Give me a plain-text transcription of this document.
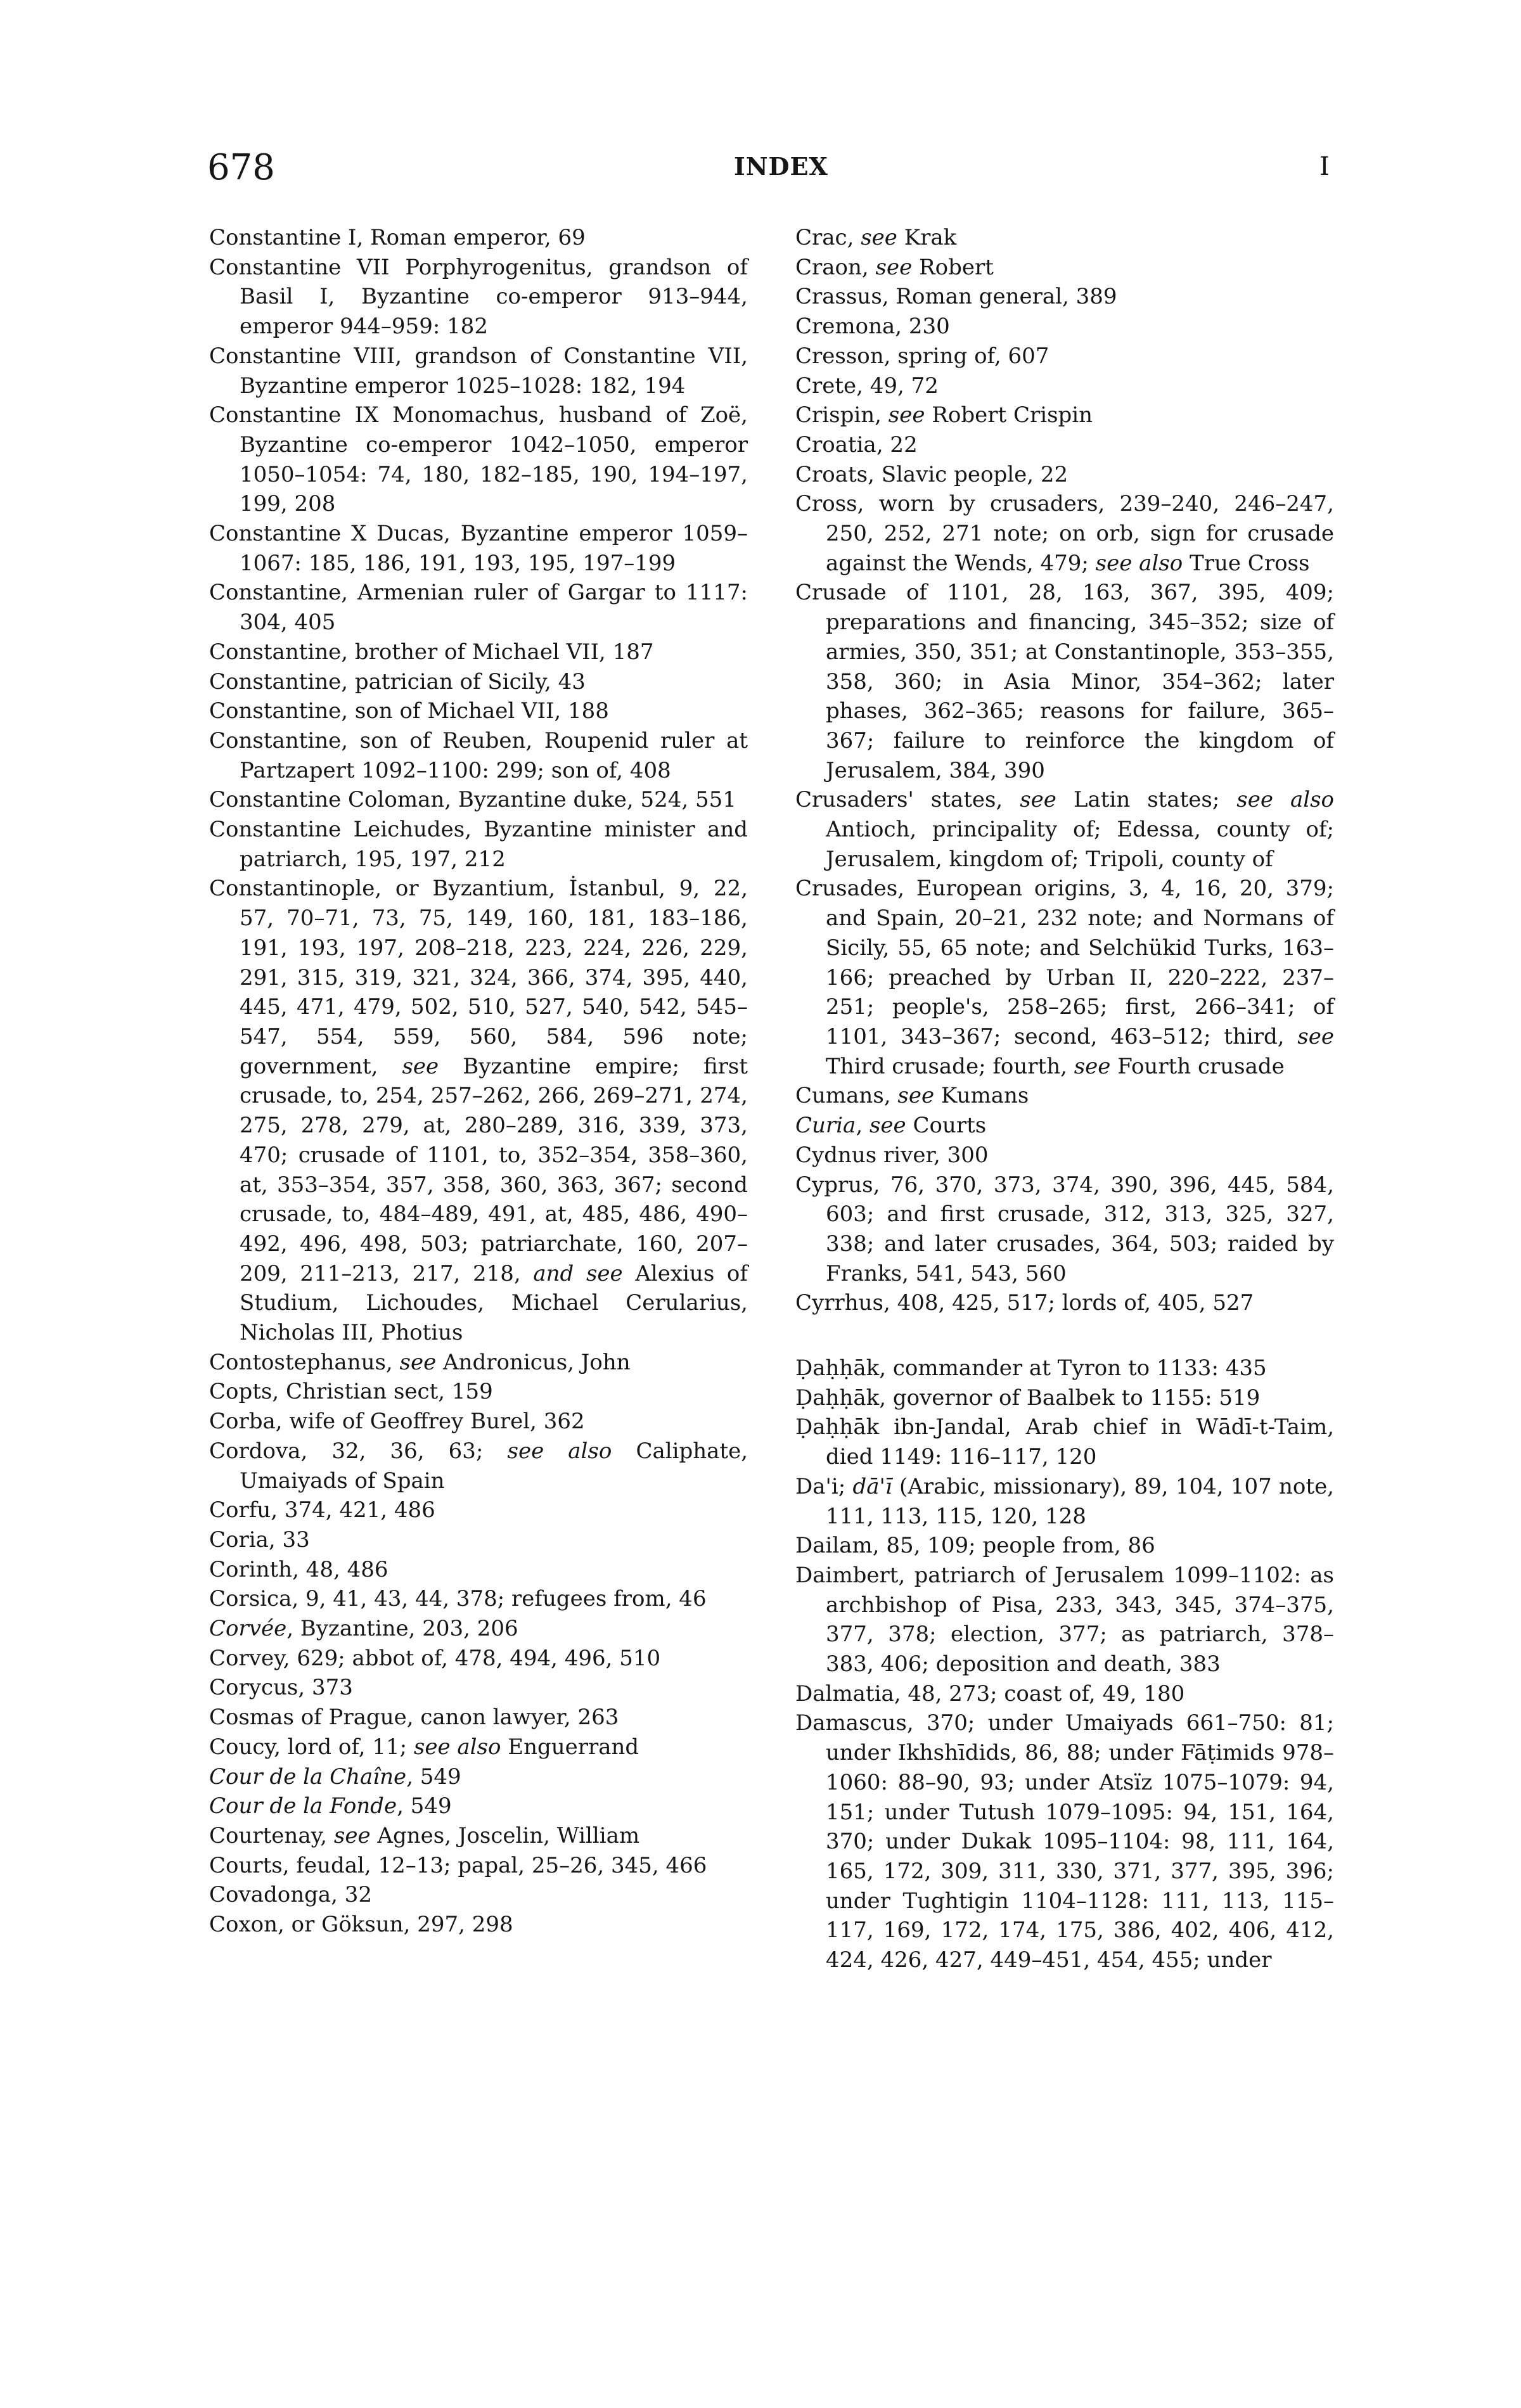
678	INDEX	I

Constantine I, Roman emperor, 69

Constantine VII Porphyrogenitus, grandson of Basil I, Byzantine co-emperor 913–944, emperor 944–959: 182

Constantine VIII, grandson of Constantine VII, Byzantine emperor 1025–1028: 182, 194

Constantine IX Monomachus, husband of Zoë, Byzantine co-emperor 1042–1050, emperor 1050–1054: 74, 180, 182–185, 190, 194–197, 199, 208

Constantine X Ducas, Byzantine emperor 1059–1067: 185, 186, 191, 193, 195, 197–199

Constantine, Armenian ruler of Gargar to 1117: 304, 405

Constantine, brother of Michael VII, 187

Constantine, patrician of Sicily, 43

Constantine, son of Michael VII, 188

Constantine, son of Reuben, Roupenid ruler at Partzapert 1092–1100: 299; son of, 408

Constantine Coloman, Byzantine duke, 524, 551

Constantine Leichudes, Byzantine minister and patriarch, 195, 197, 212

Constantinople, or Byzantium, İstanbul, 9, 22, 57, 70–71, 73, 75, 149, 160, 181, 183–186, 191, 193, 197, 208–218, 223, 224, 226, 229, 291, 315, 319, 321, 324, 366, 374, 395, 440, 445, 471, 479, 502, 510, 527, 540, 542, 545–547, 554, 559, 560, 584, 596 note; government, see Byzantine empire; first crusade, to, 254, 257–262, 266, 269–271, 274, 275, 278, 279, at, 280–289, 316, 339, 373, 470; crusade of 1101, to, 352–354, 358–360, at, 353–354, 357, 358, 360, 363, 367; second crusade, to, 484–489, 491, at, 485, 486, 490–492, 496, 498, 503; patriarchate, 160, 207–209, 211–213, 217, 218, and see Alexius of Studium, Lichoudes, Michael Cerularius, Nicholas III, Photius

Contostephanus, see Andronicus, John

Copts, Christian sect, 159

Corba, wife of Geoffrey Burel, 362

Cordova, 32, 36, 63; see also Caliphate, Umaiyads of Spain

Corfu, 374, 421, 486

Coria, 33

Corinth, 48, 486

Corsica, 9, 41, 43, 44, 378; refugees from, 46

Corvée, Byzantine, 203, 206

Corvey, 629; abbot of, 478, 494, 496, 510

Corycus, 373

Cosmas of Prague, canon lawyer, 263

Coucy, lord of, 11; see also Enguerrand

Cour de la Chaîne, 549

Cour de la Fonde, 549

Courtenay, see Agnes, Joscelin, William

Courts, feudal, 12–13; papal, 25–26, 345, 466

Covadonga, 32

Coxon, or Göksun, 297, 298

Crac, see Krak

Craon, see Robert

Crassus, Roman general, 389

Cremona, 230

Cresson, spring of, 607

Crete, 49, 72

Crispin, see Robert Crispin

Croatia, 22

Croats, Slavic people, 22

Cross, worn by crusaders, 239–240, 246–247, 250, 252, 271 note; on orb, sign for crusade against the Wends, 479; see also True Cross

Crusade of 1101, 28, 163, 367, 395, 409; preparations and financing, 345–352; size of armies, 350, 351; at Constantinople, 353–355, 358, 360; in Asia Minor, 354–362; later phases, 362–365; reasons for failure, 365–367; failure to reinforce the kingdom of Jerusalem, 384, 390

Crusaders' states, see Latin states; see also Antioch, principality of; Edessa, county of; Jerusalem, kingdom of; Tripoli, county of

Crusades, European origins, 3, 4, 16, 20, 379; and Spain, 20–21, 232 note; and Normans of Sicily, 55, 65 note; and Selchükid Turks, 163–166; preached by Urban II, 220–222, 237–251; people's, 258–265; first, 266–341; of 1101, 343–367; second, 463–512; third, see Third crusade; fourth, see Fourth crusade

Cumans, see Kumans

Curia, see Courts

Cydnus river, 300

Cyprus, 76, 370, 373, 374, 390, 396, 445, 584, 603; and first crusade, 312, 313, 325, 327, 338; and later crusades, 364, 503; raided by Franks, 541, 543, 560

Cyrrhus, 408, 425, 517; lords of, 405, 527

Ḍaḥḥāk, commander at Tyron to 1133: 435

Ḍaḥḥāk, governor of Baalbek to 1155: 519

Ḍaḥḥāk ibn-Jandal, Arab chief in Wādī-t-Taim, died 1149: 116–117, 120

Da'i; dā'ī (Arabic, missionary), 89, 104, 107 note, 111, 113, 115, 120, 128

Dailam, 85, 109; people from, 86

Daimbert, patriarch of Jerusalem 1099–1102: as archbishop of Pisa, 233, 343, 345, 374–375, 377, 378; election, 377; as patriarch, 378–383, 406; deposition and death, 383

Dalmatia, 48, 273; coast of, 49, 180

Damascus, 370; under Umaiyads 661–750: 81; under Ikhshīdids, 86, 88; under Fāṭimids 978–1060: 88–90, 93; under Atsïz 1075–1079: 94, 151; under Tutush 1079–1095: 94, 151, 164, 370; under Dukak 1095–1104: 98, 111, 164, 165, 172, 309, 311, 330, 371, 377, 395, 396; under Tughtigin 1104–1128: 111, 113, 115–117, 169, 172, 174, 175, 386, 402, 406, 412, 424, 426, 427, 449–451, 454, 455; under
